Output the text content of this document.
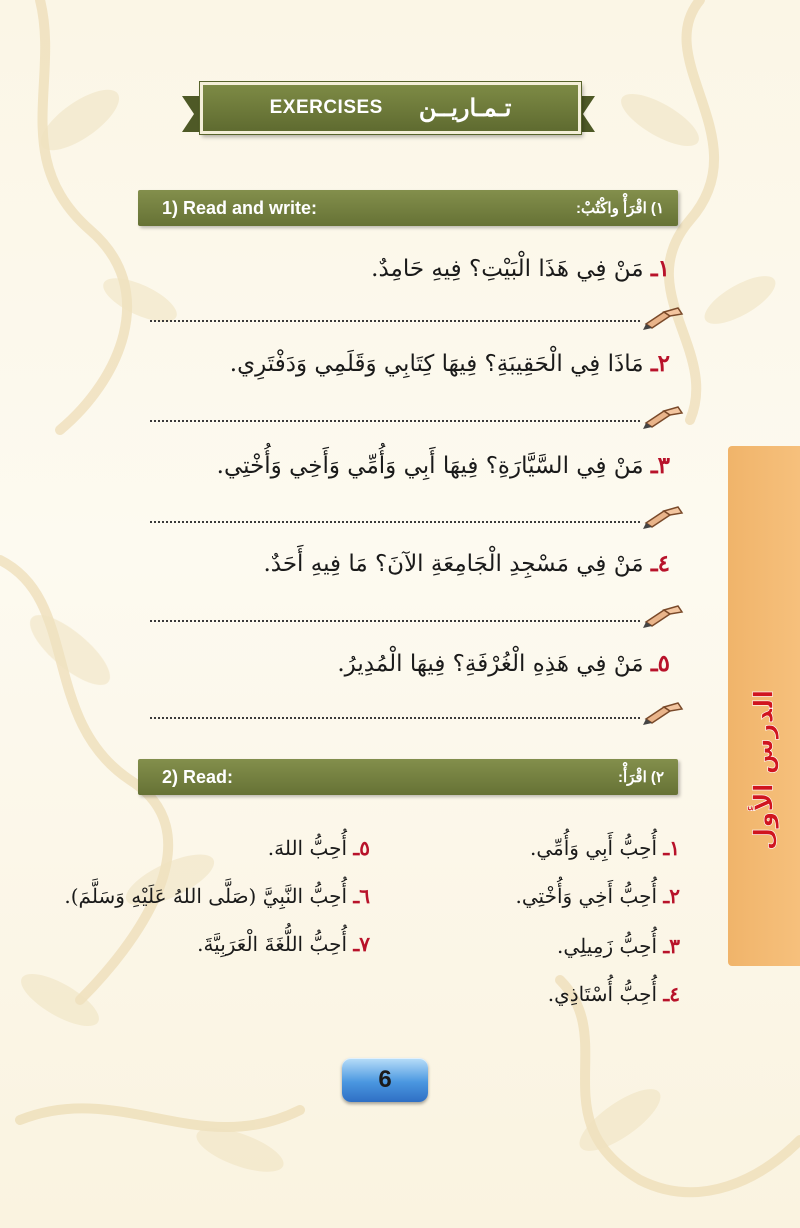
EXERCISES تـمـاريــن
1) Read and write:	١) اقْرَأْ واكْتُبْ:
١ـ مَنْ فِي هَذَا الْبَيْتِ؟ فِيهِ حَامِدٌ.
٢ـ مَاذَا فِي الْحَقِيبَةِ؟ فِيهَا كِتَابِي وَقَلَمِي وَدَفْتَرِي.
٣ـ مَنْ فِي السَّيَّارَةِ؟ فِيهَا أَبِي وَأُمِّي وَأَخِي وَأُخْتِي.
٤ـ مَنْ فِي مَسْجِدِ الْجَامِعَةِ الآنَ؟ مَا فِيهِ أَحَدٌ.
٥ـ مَنْ فِي هَذِهِ الْغُرْفَةِ؟ فِيهَا الْمُدِيرُ.
2) Read:	٢) اقْرَأْ:
١ـ أُحِبُّ أَبِي وَأُمِّي.
٢ـ أُحِبُّ أَخِي وَأُخْتِي.
٣ـ أُحِبُّ زَمِيلِي.
٤ـ أُحِبُّ أُسْتَاذِي.
٥ـ أُحِبُّ اللهَ.
٦ـ أُحِبُّ النَّبِيَّ (صَلَّى اللهُ عَلَيْهِ وَسَلَّمَ).
٧ـ أُحِبُّ اللُّغَةَ الْعَرَبِيَّةَ.
الدرس الأول
6
